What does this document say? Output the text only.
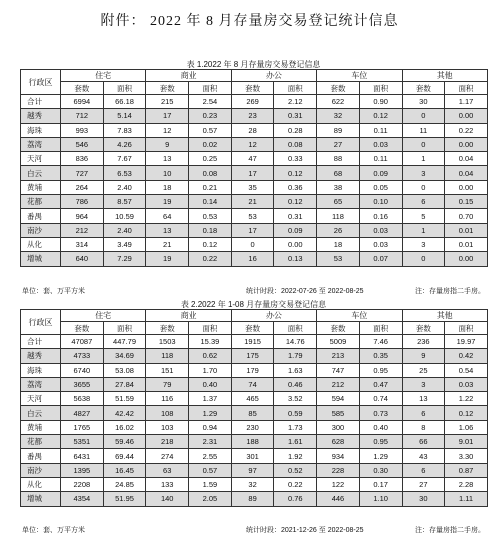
附件： 2022 年 8 月存量房交易登记统计信息
表 1.2022 年 8 月存量房交易登记信息
行政区	住宅		商业		办公		车位		其他	
	套数	面积	套数	面积	套数	面积	套数	面积	套数	面积
合计	6994	66.18	215	2.54	269	2.12	622	0.90	30	1.17
越秀	712	5.14	17	0.23	23	0.31	32	0.12	0	0.00
海珠	993	7.83	12	0.57	28	0.28	89	0.11	11	0.22
荔湾	546	4.26	9	0.02	12	0.08	27	0.03	0	0.00
天河	836	7.67	13	0.25	47	0.33	88	0.11	1	0.04
白云	727	6.53	10	0.08	17	0.12	68	0.09	3	0.04
黄埔	264	2.40	18	0.21	35	0.36	38	0.05	0	0.00
花都	786	8.57	19	0.14	21	0.12	65	0.10	6	0.15
番禺	964	10.59	64	0.53	53	0.31	118	0.16	5	0.70
南沙	212	2.40	13	0.18	17	0.09	26	0.03	1	0.01
从化	314	3.49	21	0.12	0	0.00	18	0.03	3	0.01
增城	640	7.29	19	0.22	16	0.13	53	0.07	0	0.00
单位：套、万平方米	统计时段：2022-07-26 至 2022-08-25	注：存量房指二手房。
表 2.2022 年 1-08 月存量房交易登记信息
行政区	住宅		商业		办公		车位		其他	
	套数	面积	套数	面积	套数	面积	套数	面积	套数	面积
合计	47087	447.79	1503	15.39	1915	14.76	5009	7.46	236	19.97
越秀	4733	34.69	118	0.62	175	1.79	213	0.35	9	0.42
海珠	6740	53.08	151	1.70	179	1.63	747	0.95	25	0.54
荔湾	3655	27.84	79	0.40	74	0.46	212	0.47	3	0.03
天河	5638	51.59	116	1.37	465	3.52	594	0.74	13	1.22
白云	4827	42.42	108	1.29	85	0.59	585	0.73	6	0.12
黄埔	1765	16.02	103	0.94	230	1.73	300	0.40	8	1.06
花都	5351	59.46	218	2.31	188	1.61	628	0.95	66	9.01
番禺	6431	69.44	274	2.55	301	1.92	934	1.29	43	3.30
南沙	1395	16.45	63	0.57	97	0.52	228	0.30	6	0.87
从化	2208	24.85	133	1.59	32	0.22	122	0.17	27	2.28
增城	4354	51.95	140	2.05	89	0.76	446	1.10	30	1.11
单位：套、万平方米	统计时段：2021-12-26 至 2022-08-25	注：存量房指二手房。
